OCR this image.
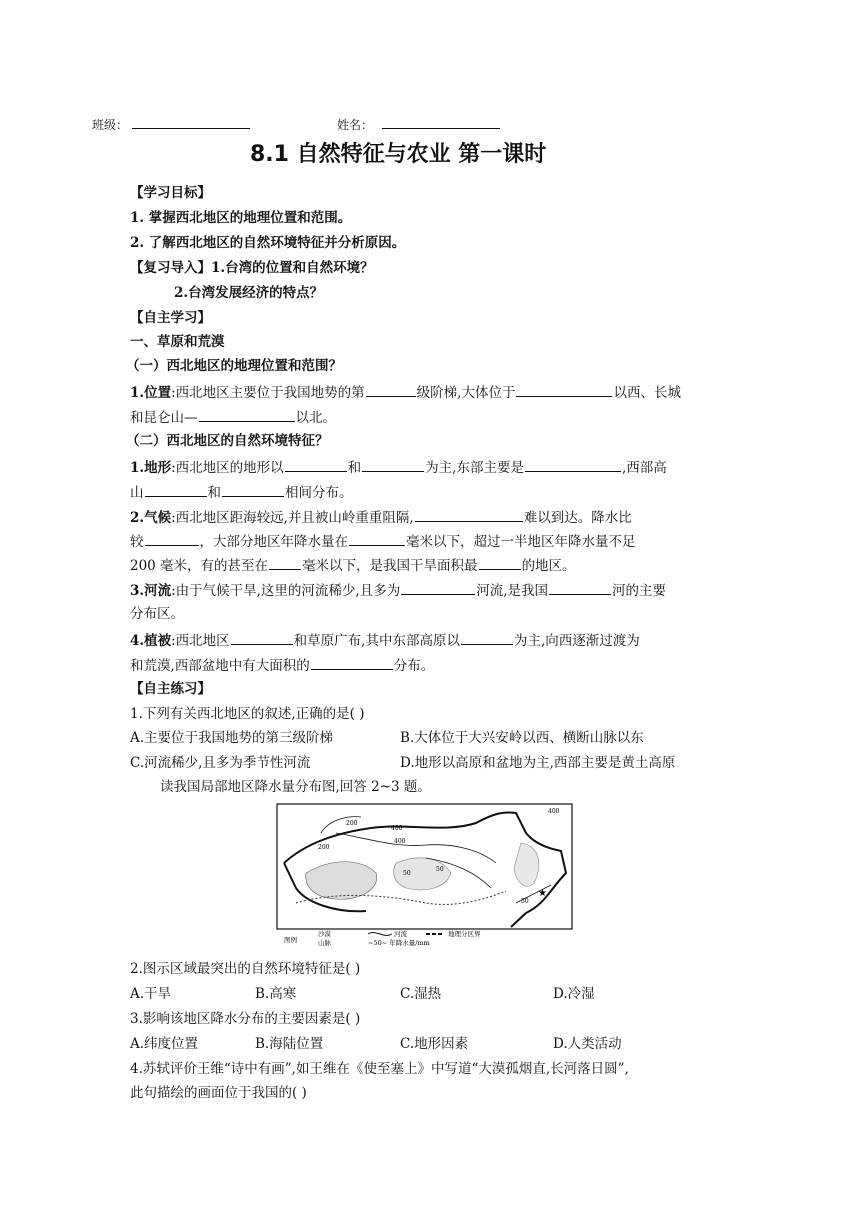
班级：	姓名：
8.1 自然特征与农业 第一课时
【学习目标】
1. 掌握西北地区的地理位置和范围。
2. 了解西北地区的自然环境特征并分析原因。
【复习导入】1.台湾的位置和自然环境？
2.台湾发展经济的特点？
【自主学习】
一、草原和荒漠
（一）西北地区的地理位置和范围？
1.位置:西北地区主要位于我国地势的第	级阶梯,大体位于	以西、长城
和昆仑山—	以北。
（二）西北地区的自然环境特征？
1.地形:西北地区的地形以	和	为主,东部主要是	,西部高
山	和	相间分布。
2.气候:西北地区距海较远,并且被山岭重重阻隔,	难以到达。降水比
较	，大部分地区年降水量在	毫米以下，超过一半地区年降水量不足
200 毫米，有的甚至在	毫米以下，是我国干旱面积最	的地区。
3.河流:由于气候干旱,这里的河流稀少,且多为	河流,是我国	河的主要
分布区。
4.植被:西北地区	和草原广布,其中东部高原以	为主,向西逐渐过渡为
和荒漠,西部盆地中有大面积的	分布。
【自主练习】
1.下列有关西北地区的叙述,正确的是( )
A.主要位于我国地势的第三级阶梯	B.大体位于大兴安岭以西、横断山脉以东
C.河流稀少,且多为季节性河流	D.地形以高原和盆地为主,西部主要是黄土高原
读我国局部地区降水量分布图,回答 2~3 题。
200
400
400
200
50
50
50
400
★
图例
沙漠	河流	地理分区界
山脉	~50~ 年降水量/mm
2.图示区域最突出的自然环境特征是( )
A.干旱	B.高寒	C.湿热	D.冷湿
3.影响该地区降水分布的主要因素是( )
A.纬度位置	B.海陆位置	C.地形因素	D.人类活动
4.苏轼评价王维“诗中有画”,如王维在《使至塞上》中写道“大漠孤烟直,长河落日圆”,
此句描绘的画面位于我国的( )
